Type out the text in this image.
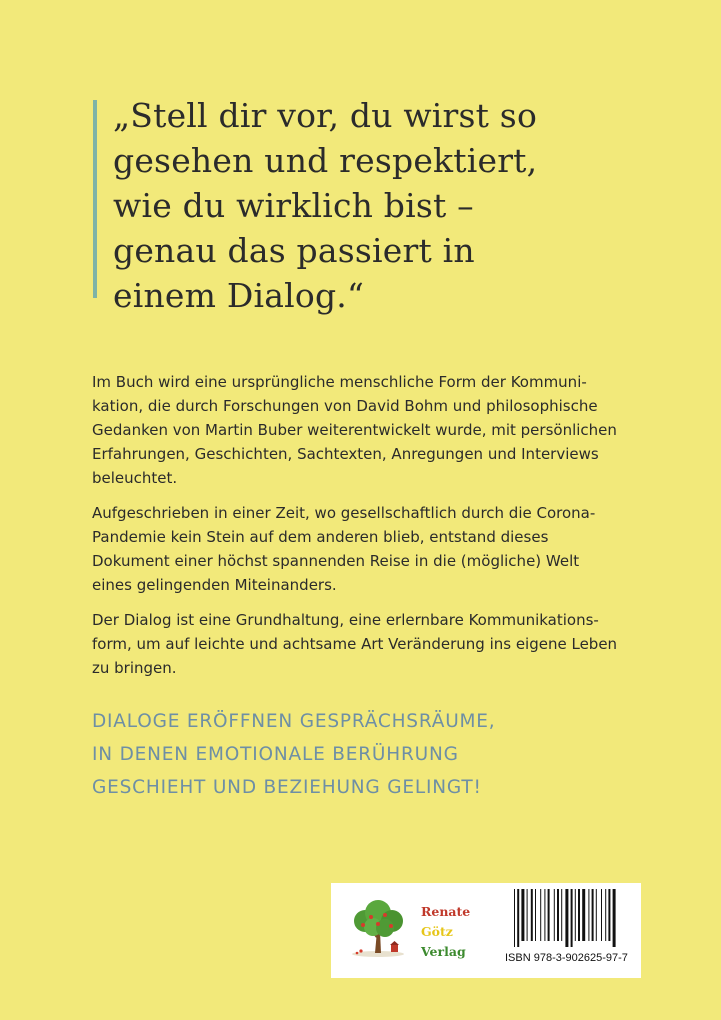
„Stell dir vor, du wirst so
gesehen und respektiert,
wie du wirklich bist –
genau das passiert in
einem Dialog.“

Im Buch wird eine ursprüngliche menschliche Form der Kommuni-
kation, die durch Forschungen von David Bohm und philosophische
Gedanken von Martin Buber weiterentwickelt wurde, mit persönlichen
Erfahrungen, Geschichten, Sachtexten, Anregungen und Interviews
beleuchtet.

Aufgeschrieben in einer Zeit, wo gesellschaftlich durch die Corona-
Pandemie kein Stein auf dem anderen blieb, entstand dieses
Dokument einer höchst spannenden Reise in die (mögliche) Welt
eines gelingenden Miteinanders.

Der Dialog ist eine Grundhaltung, eine erlernbare Kommunikations-
form, um auf leichte und achtsame Art Veränderung ins eigene Leben
zu bringen.

DIALOGE ERÖFFNEN GESPRÄCHSRÄUME,
IN DENEN EMOTIONALE BERÜHRUNG
GESCHIEHT UND BEZIEHUNG GELINGT!
Renate
Götz
Verlag	ISBN 978-3-902625-97-7
